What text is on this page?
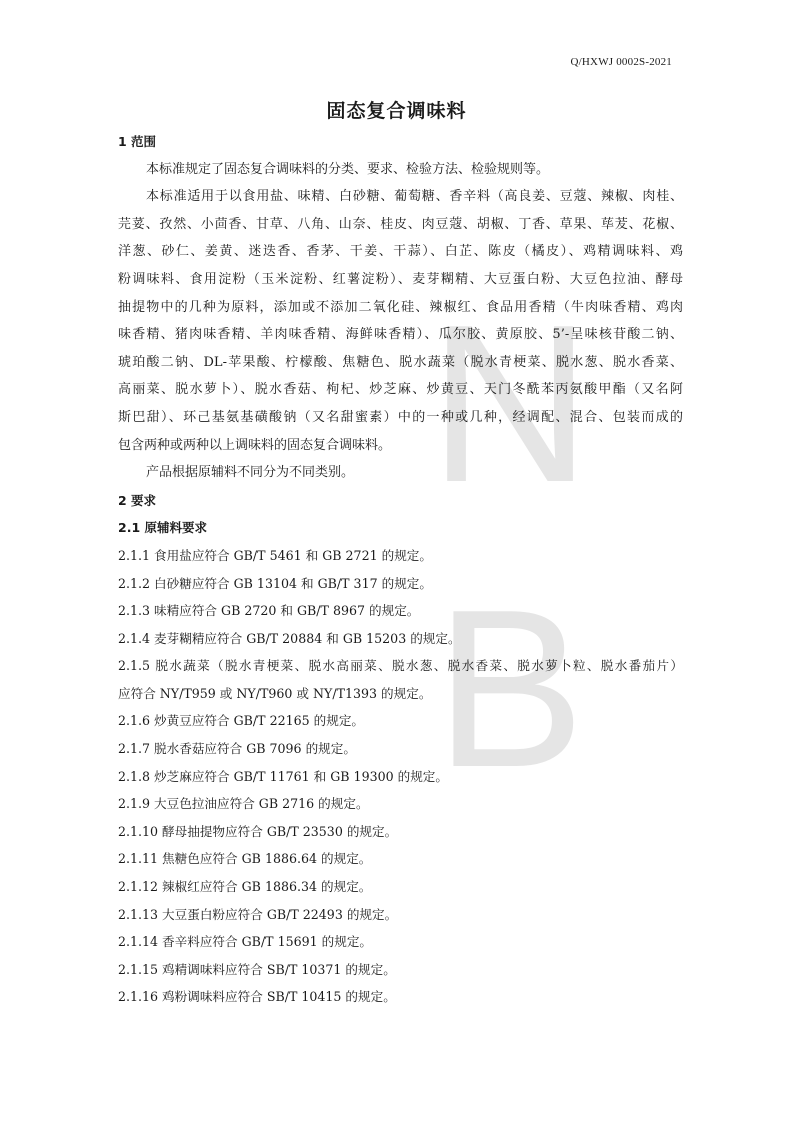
N
B
Q/HXWJ 0002S-2021
固态复合调味料
1 范围
本标准规定了固态复合调味料的分类、要求、检验方法、检验规则等。
本标准适用于以食用盐、味精、白砂糖、葡萄糖、香辛料（高良姜、豆蔻、辣椒、肉桂、
芫荽、孜然、小茴香、甘草、八角、山奈、桂皮、肉豆蔻、胡椒、丁香、草果、荜茇、花椒、
洋葱、砂仁、姜黄、迷迭香、香茅、干姜、干蒜）、白芷、陈皮（橘皮）、鸡精调味料、鸡
粉调味料、食用淀粉（玉米淀粉、红薯淀粉）、麦芽糊精、大豆蛋白粉、大豆色拉油、酵母
抽提物中的几种为原料，添加或不添加二氧化硅、辣椒红、食品用香精（牛肉味香精、鸡肉
味香精、猪肉味香精、羊肉味香精、海鲜味香精）、瓜尔胶、黄原胶、5’-呈味核苷酸二钠、
琥珀酸二钠、DL-苹果酸、柠檬酸、焦糖色、脱水蔬菜（脱水青梗菜、脱水葱、脱水香菜、
高丽菜、脱水萝卜）、脱水香菇、枸杞、炒芝麻、炒黄豆、天门冬酰苯丙氨酸甲酯（又名阿
斯巴甜）、环己基氨基磺酸钠（又名甜蜜素）中的一种或几种，经调配、混合、包装而成的
包含两种或两种以上调味料的固态复合调味料。
产品根据原辅料不同分为不同类别。
2 要求
2.1 原辅料要求
2.1.1 食用盐应符合 GB/T 5461 和 GB 2721 的规定。
2.1.2 白砂糖应符合 GB 13104 和 GB/T 317 的规定。
2.1.3 味精应符合 GB 2720 和 GB/T 8967 的规定。
2.1.4 麦芽糊精应符合 GB/T 20884 和 GB 15203 的规定。
2.1.5 脱水蔬菜（脱水青梗菜、脱水高丽菜、脱水葱、脱水香菜、脱水萝卜粒、脱水番茄片）
应符合 NY/T959 或 NY/T960 或 NY/T1393 的规定。
2.1.6 炒黄豆应符合 GB/T 22165 的规定。
2.1.7 脱水香菇应符合 GB 7096 的规定。
2.1.8 炒芝麻应符合 GB/T 11761 和 GB 19300 的规定。
2.1.9 大豆色拉油应符合 GB 2716 的规定。
2.1.10 酵母抽提物应符合 GB/T 23530 的规定。
2.1.11 焦糖色应符合 GB 1886.64 的规定。
2.1.12 辣椒红应符合 GB 1886.34 的规定。
2.1.13 大豆蛋白粉应符合 GB/T 22493 的规定。
2.1.14 香辛料应符合 GB/T 15691 的规定。
2.1.15 鸡精调味料应符合 SB/T 10371 的规定。
2.1.16 鸡粉调味料应符合 SB/T 10415 的规定。
